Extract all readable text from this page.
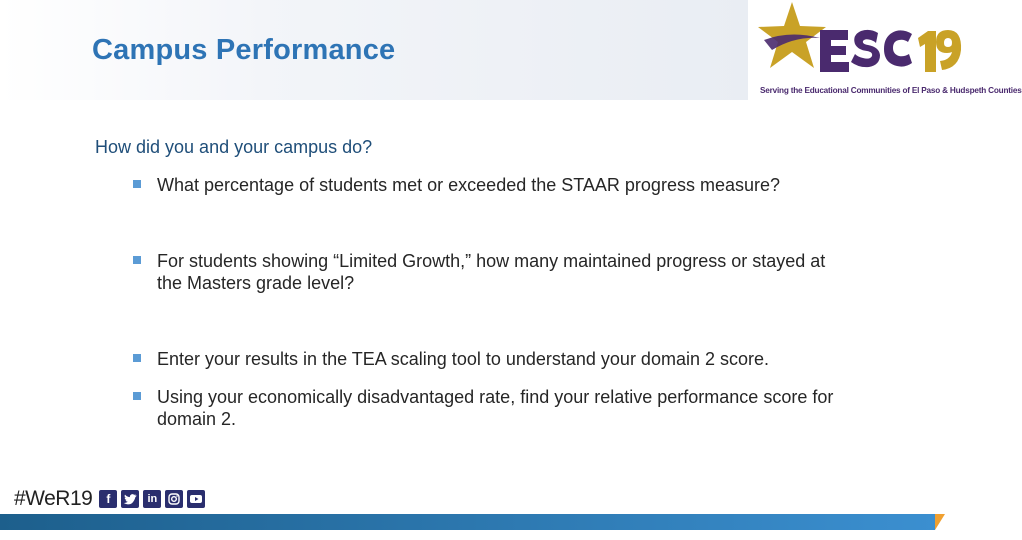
Campus Performance
Serving the Educational Communities of El Paso & Hudspeth Counties
How did you and your campus do?
What percentage of students met or exceeded the STAAR progress measure?
For students showing “Limited Growth,” how many maintained progress or stayed at the Masters grade level?
Enter your results in the TEA scaling tool to understand your domain 2 score.
Using your economically disadvantaged rate, find your relative performance score for domain 2.
#WeR19	f	in
